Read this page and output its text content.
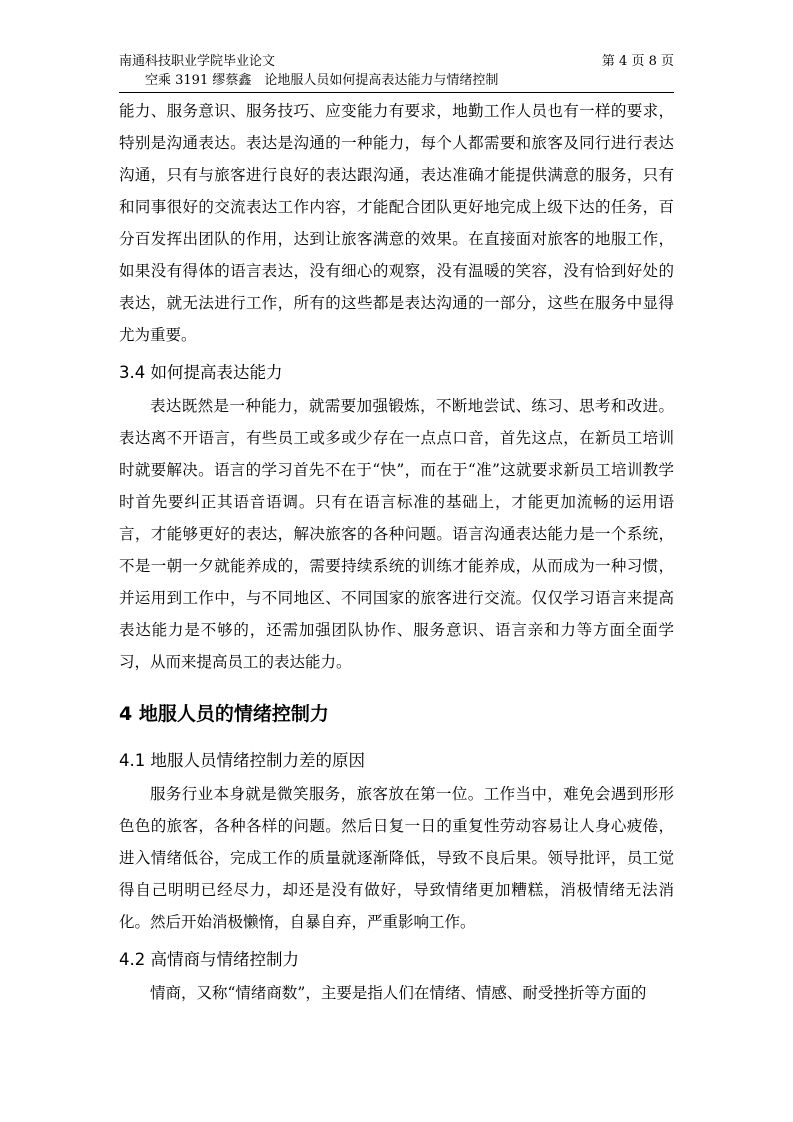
南通科技职业学院毕业论文	第 4 页 8 页
空乘 3191 缪蔡鑫　论地服人员如何提高表达能力与情绪控制

能力、服务意识、服务技巧、应变能力有要求，地勤工作人员也有一样的要求，特别是沟通表达。表达是沟通的一种能力，每个人都需要和旅客及同行进行表达沟通，只有与旅客进行良好的表达跟沟通，表达准确才能提供满意的服务，只有和同事很好的交流表达工作内容，才能配合团队更好地完成上级下达的任务，百分百发挥出团队的作用，达到让旅客满意的效果。在直接面对旅客的地服工作，如果没有得体的语言表达，没有细心的观察，没有温暖的笑容，没有恰到好处的表达，就无法进行工作，所有的这些都是表达沟通的一部分，这些在服务中显得尤为重要。

3.4 如何提高表达能力

表达既然是一种能力，就需要加强锻炼，不断地尝试、练习、思考和改进。表达离不开语言，有些员工或多或少存在一点点口音，首先这点，在新员工培训时就要解决。语言的学习首先不在于“快”，而在于“准”这就要求新员工培训教学时首先要纠正其语音语调。只有在语言标准的基础上，才能更加流畅的运用语言，才能够更好的表达，解决旅客的各种问题。语言沟通表达能力是一个系统，不是一朝一夕就能养成的，需要持续系统的训练才能养成，从而成为一种习惯，并运用到工作中，与不同地区、不同国家的旅客进行交流。仅仅学习语言来提高表达能力是不够的，还需加强团队协作、服务意识、语言亲和力等方面全面学习，从而来提高员工的表达能力。

4 地服人员的情绪控制力
4.1 地服人员情绪控制力差的原因

服务行业本身就是微笑服务，旅客放在第一位。工作当中，难免会遇到形形色色的旅客，各种各样的问题。然后日复一日的重复性劳动容易让人身心疲倦，进入情绪低谷，完成工作的质量就逐渐降低，导致不良后果。领导批评，员工觉得自己明明已经尽力，却还是没有做好，导致情绪更加糟糕，消极情绪无法消化。然后开始消极懒惰，自暴自弃，严重影响工作。

4.2 高情商与情绪控制力

情商，又称“情绪商数”，主要是指人们在情绪、情感、耐受挫折等方面的
